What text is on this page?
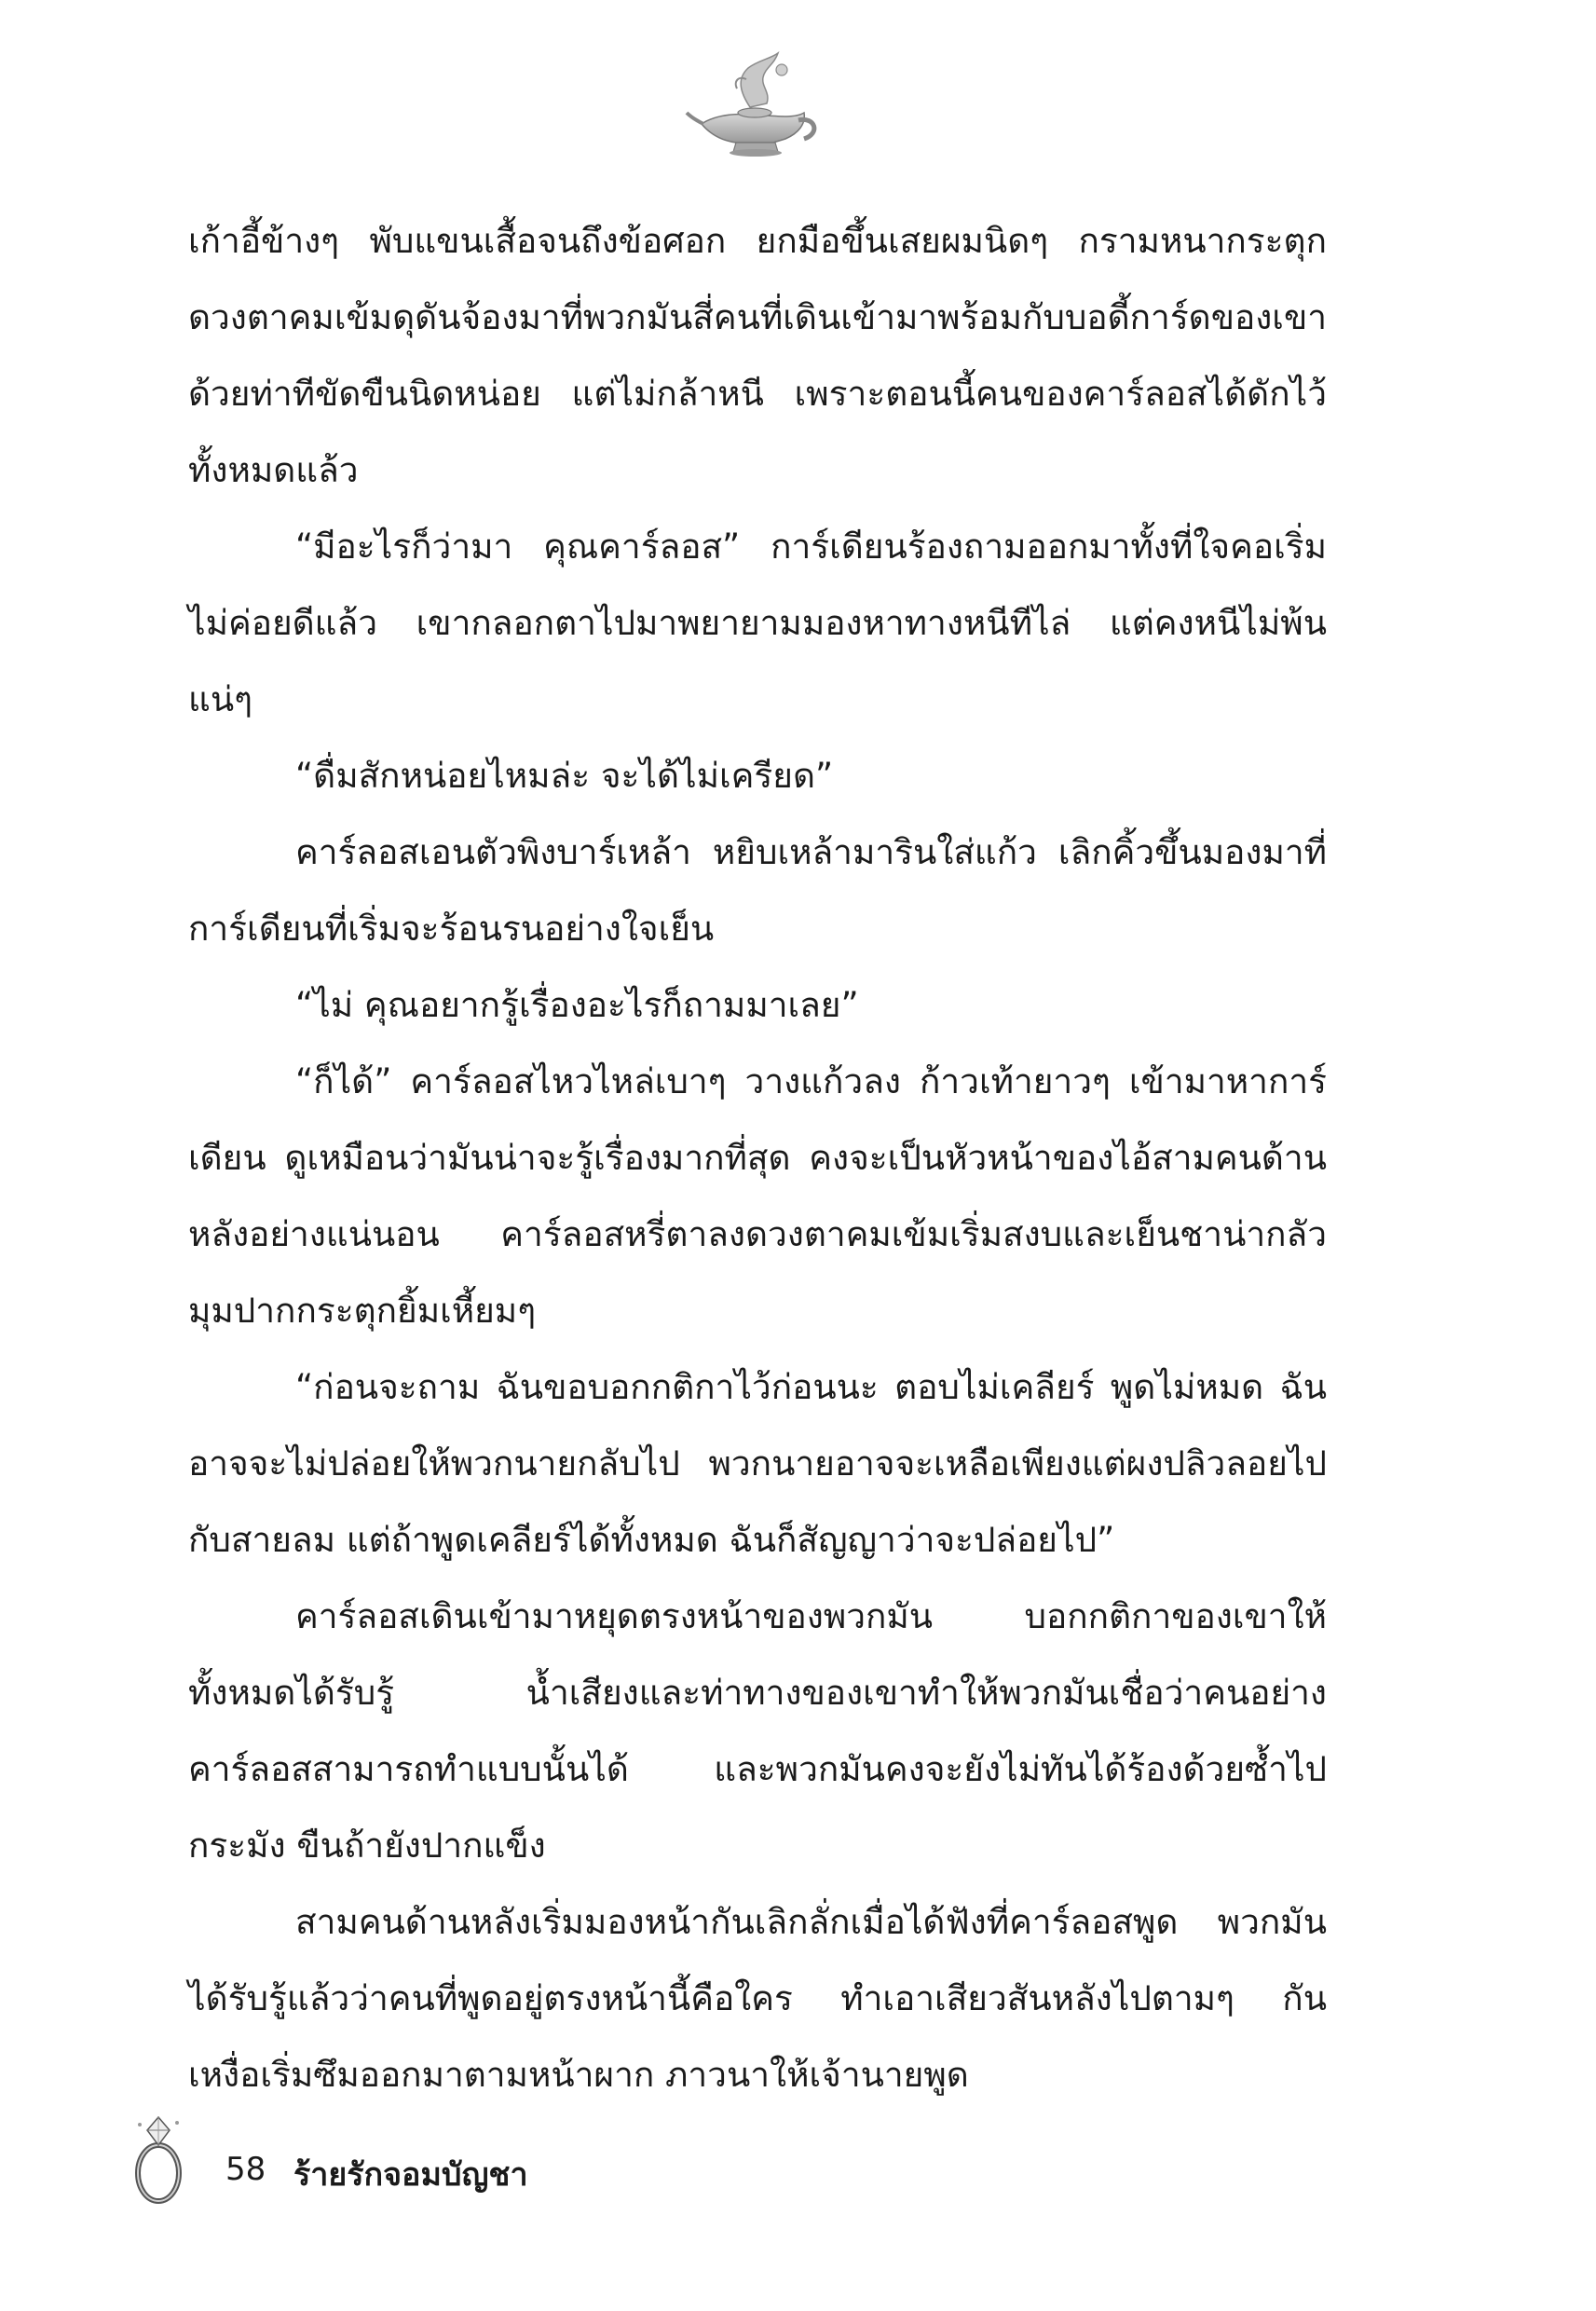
เก้าอี้ข้างๆ พับแขนเสื้อจนถึงข้อศอก ยกมือขึ้นเสยผมนิดๆ กรามหนากระตุก ดวงตาคมเข้มดุดันจ้องมาที่พวกมันสี่คนที่เดินเข้ามาพร้อมกับบอดี้การ์ดของเขาด้วยท่าทีขัดขืนนิดหน่อย แต่ไม่กล้าหนี เพราะตอนนี้คนของคาร์ลอสได้ดักไว้ทั้งหมดแล้ว

“มีอะไรก็ว่ามา คุณคาร์ลอส” การ์เดียนร้องถามออกมาทั้งที่ใจคอเริ่มไม่ค่อยดีแล้ว เขากลอกตาไปมาพยายามมองหาทางหนีทีไล่ แต่คงหนีไม่พ้นแน่ๆ

“ดื่มสักหน่อยไหมล่ะ จะได้ไม่เครียด”

คาร์ลอสเอนตัวพิงบาร์เหล้า หยิบเหล้ามารินใส่แก้ว เลิกคิ้วขึ้นมองมาที่การ์เดียนที่เริ่มจะร้อนรนอย่างใจเย็น

“ไม่ คุณอยากรู้เรื่องอะไรก็ถามมาเลย”

“ก็ได้” คาร์ลอสไหวไหล่เบาๆ วางแก้วลง ก้าวเท้ายาวๆ เข้ามาหาการ์เดียน ดูเหมือนว่ามันน่าจะรู้เรื่องมากที่สุด คงจะเป็นหัวหน้าของไอ้สามคนด้านหลังอย่างแน่นอน คาร์ลอสหรี่ตาลงดวงตาคมเข้มเริ่มสงบและเย็นชาน่ากลัว มุมปากกระตุกยิ้มเหี้ยมๆ

“ก่อนจะถาม ฉันขอบอกกติกาไว้ก่อนนะ ตอบไม่เคลียร์ พูดไม่หมด ฉันอาจจะไม่ปล่อยให้พวกนายกลับไป พวกนายอาจจะเหลือเพียงแต่ผงปลิวลอยไปกับสายลม แต่ถ้าพูดเคลียร์ได้ทั้งหมด ฉันก็สัญญาว่าจะปล่อยไป”

คาร์ลอสเดินเข้ามาหยุดตรงหน้าของพวกมัน บอกกติกาของเขาให้ทั้งหมดได้รับรู้ น้ำเสียงและท่าทางของเขาทำให้พวกมันเชื่อว่าคนอย่างคาร์ลอสสามารถทำแบบนั้นได้ และพวกมันคงจะยังไม่ทันได้ร้องด้วยซ้ำไปกระมัง ขืนถ้ายังปากแข็ง

สามคนด้านหลังเริ่มมองหน้ากันเลิกลั่กเมื่อได้ฟังที่คาร์ลอสพูด พวกมันได้รับรู้แล้วว่าคนที่พูดอยู่ตรงหน้านี้คือใคร ทำเอาเสียวสันหลังไปตามๆ กัน เหงื่อเริ่มซึมออกมาตามหน้าผาก ภาวนาให้เจ้านายพูด

58 ร้ายรักจอมบัญชา
